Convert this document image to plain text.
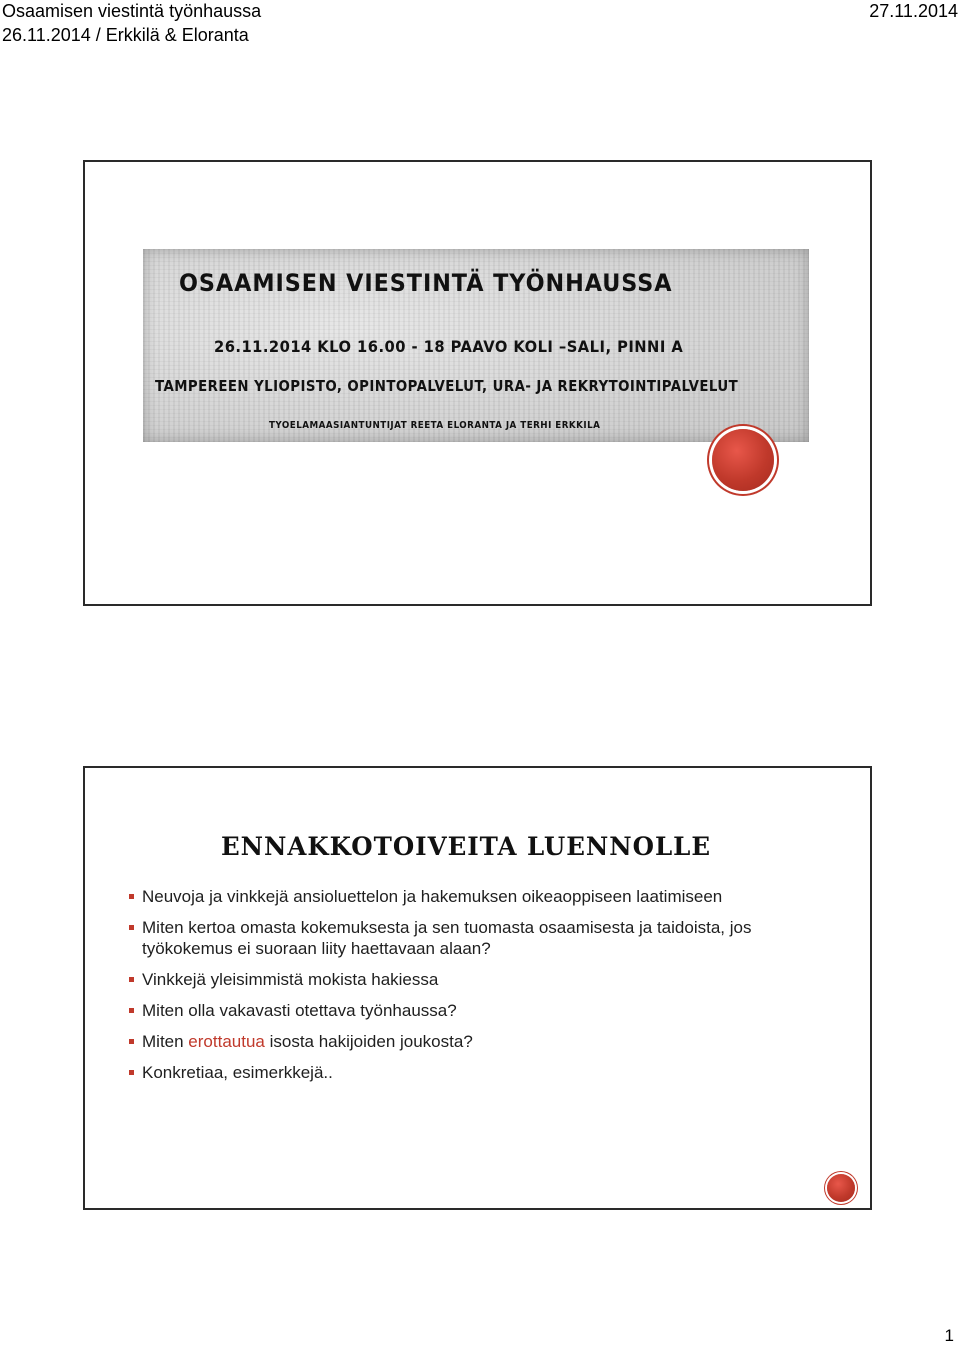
Osaamisen viestintä työnhaussa
26.11.2014 / Erkkilä & Eloranta
27.11.2014
OSAAMISEN VIESTINTÄ TYÖNHAUSSA
26.11.2014 KLO 16.00 - 18 PAAVO KOLI –SALI, PINNI A
TAMPEREEN YLIOPISTO, OPINTOPALVELUT, URA- JA REKRYTOINTIPALVELUT
TYÖELÄMÄASIANTUNTIJAT REETA ELORANTA JA TERHI ERKKILÄ
ENNAKKOTOIVEITA LUENNOLLE
Neuvoja ja vinkkejä ansioluettelon ja hakemuksen oikeaoppiseen laatimiseen
Miten kertoa omasta kokemuksesta ja sen tuomasta osaamisesta ja taidoista, jos työkokemus ei suoraan liity haettavaan alaan?
Vinkkejä yleisimmistä mokista hakiessa
Miten olla vakavasti otettava työnhaussa?
Miten erottautua isosta hakijoiden joukosta?
Konkretiaa, esimerkkejä..
1
